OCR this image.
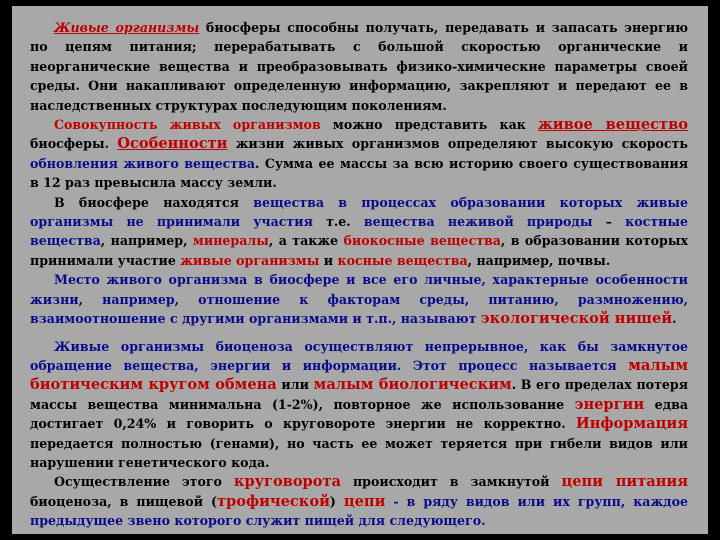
Живые организмы биосферы способны получать, передавать и запасать энергию по цепям питания; перерабатывать с большой скоростью органические и неорганические вещества и преобразовывать физико-химические параметры своей среды. Они накапливают определенную информацию, закрепляют и передают ее в наследственных структурах последующим поколениям.

Совокупность живых организмов можно представить как живое вещество биосферы. Особенности жизни живых организмов определяют высокую скорость обновления живого вещества. Сумма ее массы за всю историю своего существования в 12 раз превысила массу земли.

В биосфере находятся вещества в процессах образовании которых живые организмы не принимали участия т.е. вещества неживой природы – костные вещества, например, минералы, а также биокосные вещества, в образовании которых принимали участие живые организмы и косные вещества, например, почвы.

Место живого организма в биосфере и все его личные, характерные особенности жизни, например, отношение к факторам среды, питанию, размножению, взаимоотношение с другими организмами и т.п., называют экологической нишей.

Живые организмы биоценоза осуществляют непрерывное, как бы замкнутое обращение вещества, энергии и информации. Этот процесс называется малым биотическим кругом обмена или малым биологическим. В его пределах потеря массы вещества минимальна (1-2%), повторное же использование энергии едва достигает 0,24% и говорить о круговороте энергии не корректно. Информация передается полностью (генами), но часть ее может теряется при гибели видов или нарушении генетического кода.

Осуществление этого круговорота происходит в замкнутой цепи питания биоценоза, в пищевой (трофической) цепи - в ряду видов или их групп, каждое предыдущее звено которого служит пищей для следующего.
